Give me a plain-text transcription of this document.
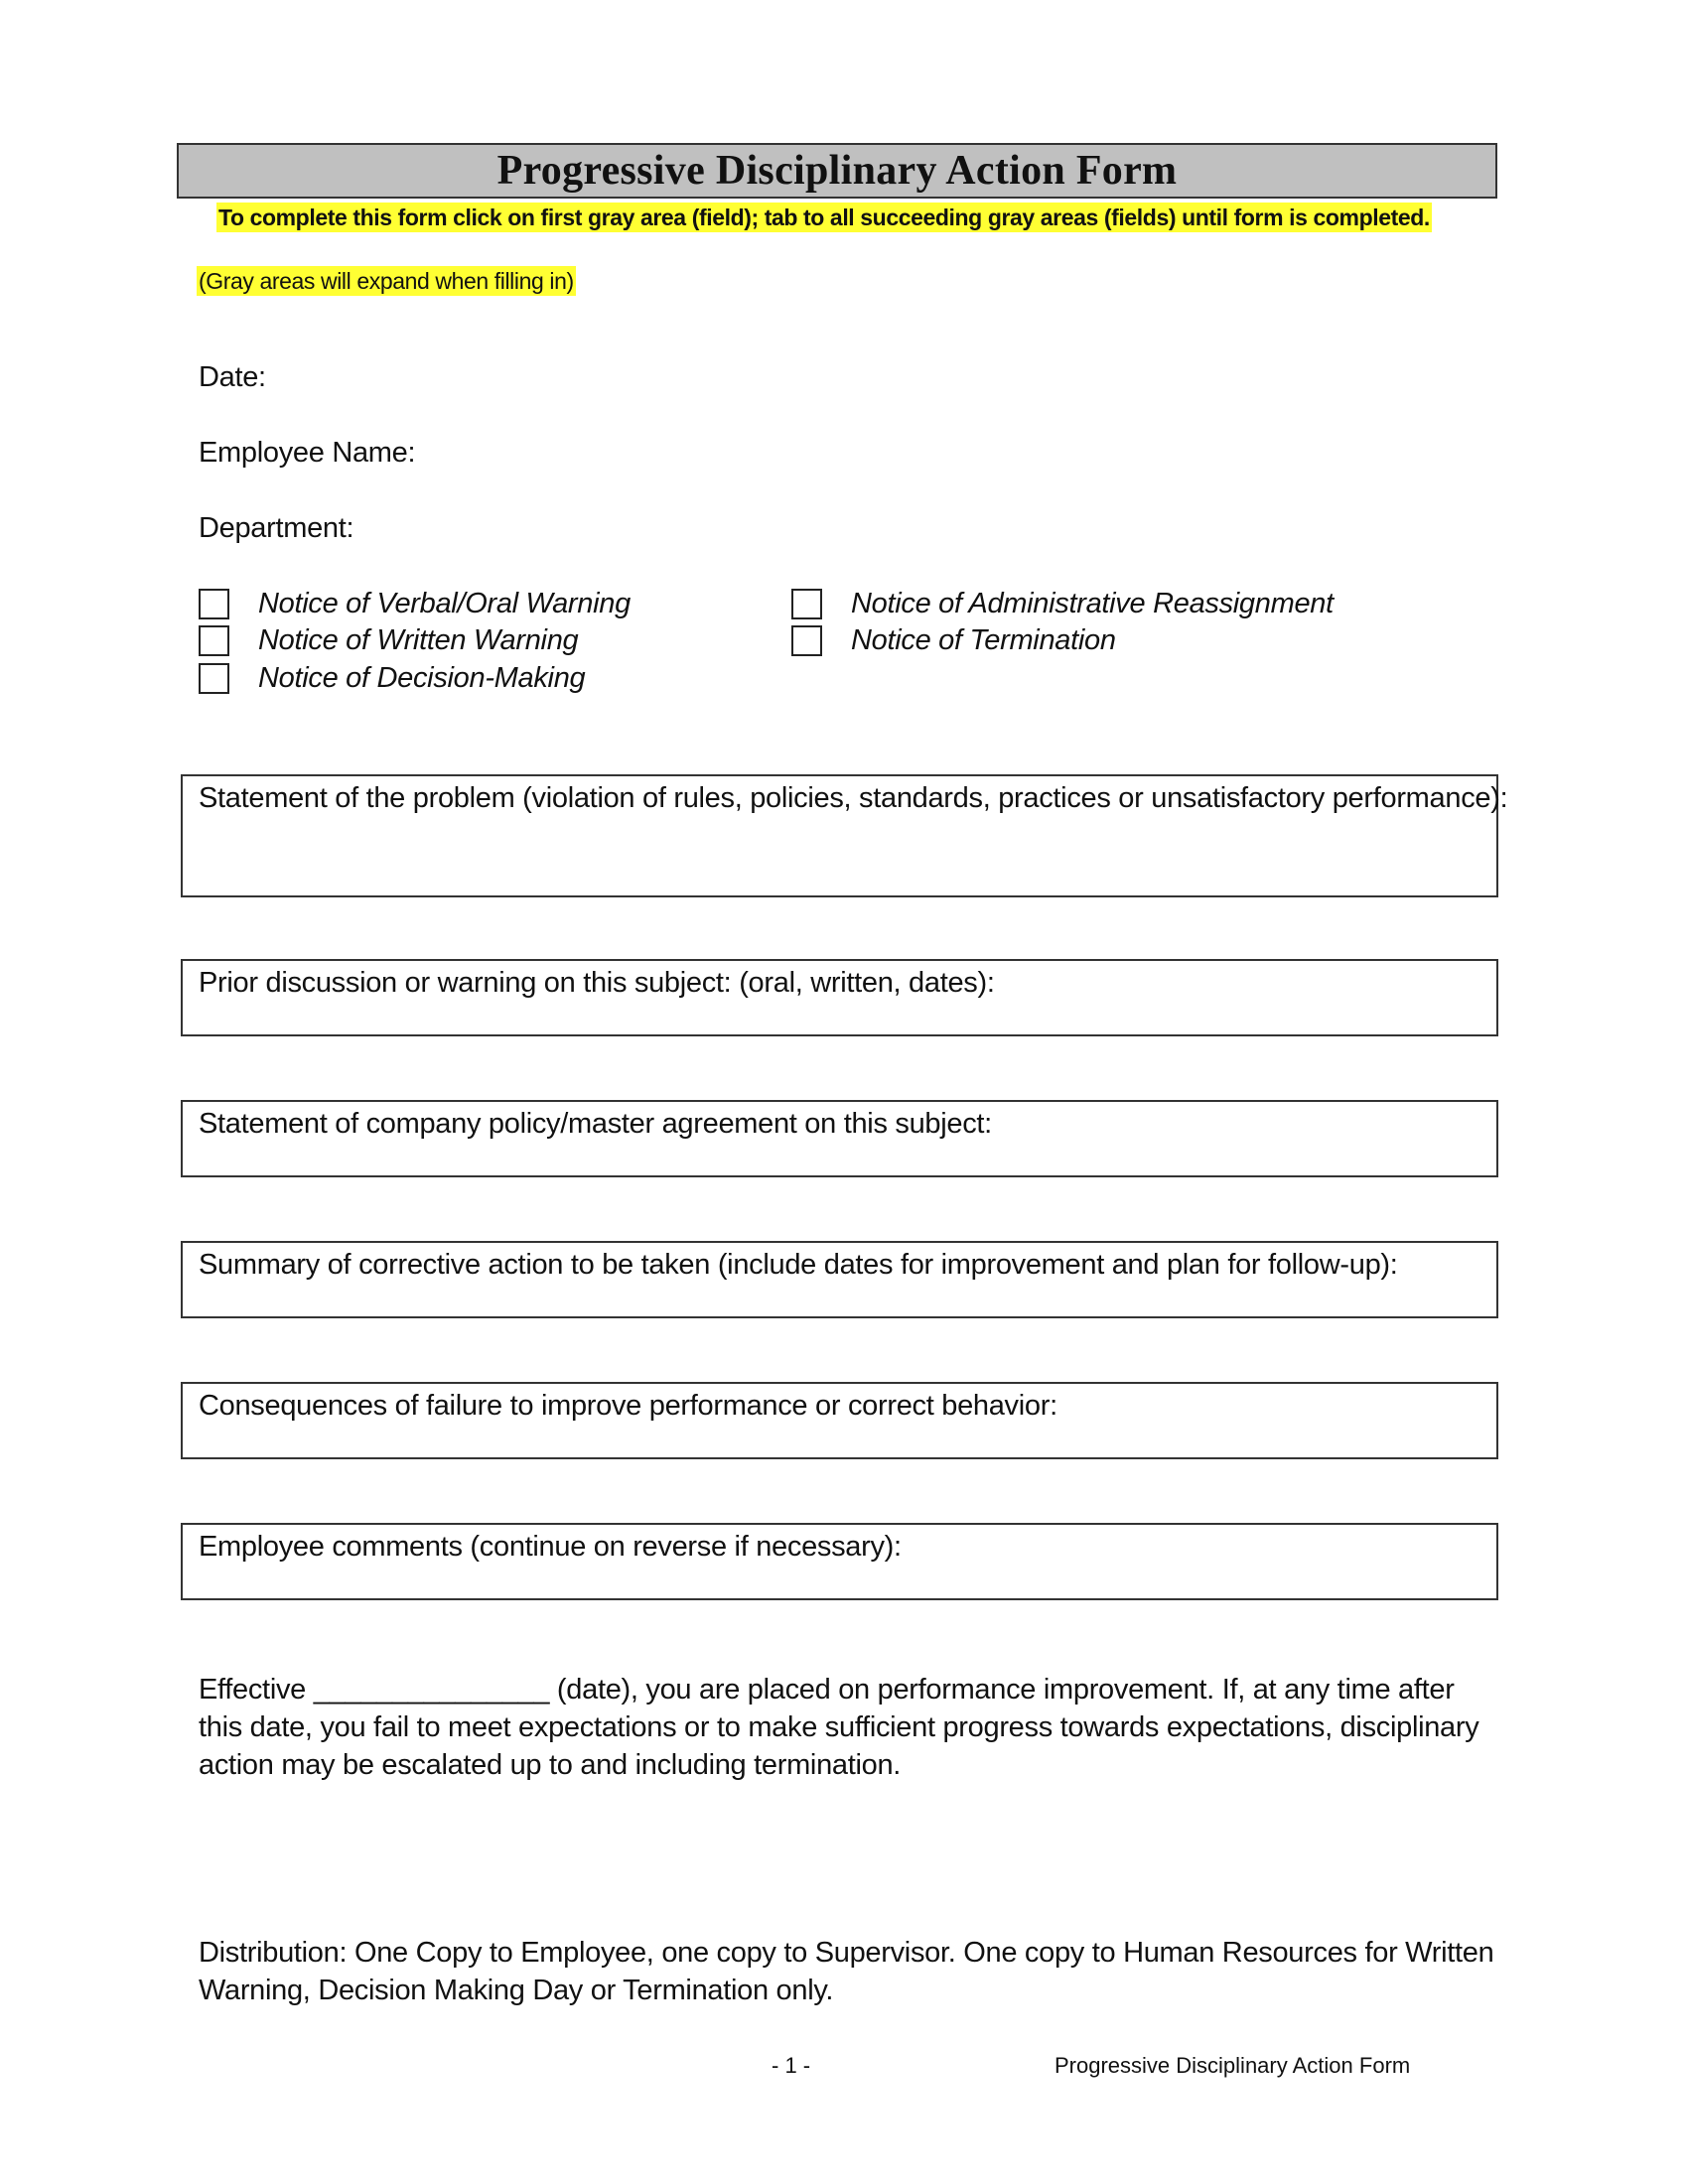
Progressive Disciplinary Action Form
To complete this form click on first gray area (field); tab to all succeeding gray areas (fields) until form is completed.
(Gray areas will expand when filling in)
Date:
Employee Name:
Department:
Notice of Verbal/Oral Warning
Notice of Written Warning
Notice of Decision-Making
Notice of Administrative Reassignment
Notice of Termination
Statement of the problem (violation of rules, policies, standards, practices or unsatisfactory performance):
Prior discussion or warning on this subject: (oral, written, dates):
Statement of company policy/master agreement on this subject:
Summary of corrective action to be taken (include dates for improvement and plan for follow-up):
Consequences of failure to improve performance or correct behavior:
Employee comments (continue on reverse if necessary):
Effective _______________ (date), you are placed on performance improvement. If, at any time after this date, you fail to meet expectations or to make sufficient progress towards expectations, disciplinary action may be escalated up to and including termination.
Distribution: One Copy to Employee, one copy to Supervisor. One copy to Human Resources for Written Warning, Decision Making Day or Termination only.
- 1 -	Progressive Disciplinary Action Form
